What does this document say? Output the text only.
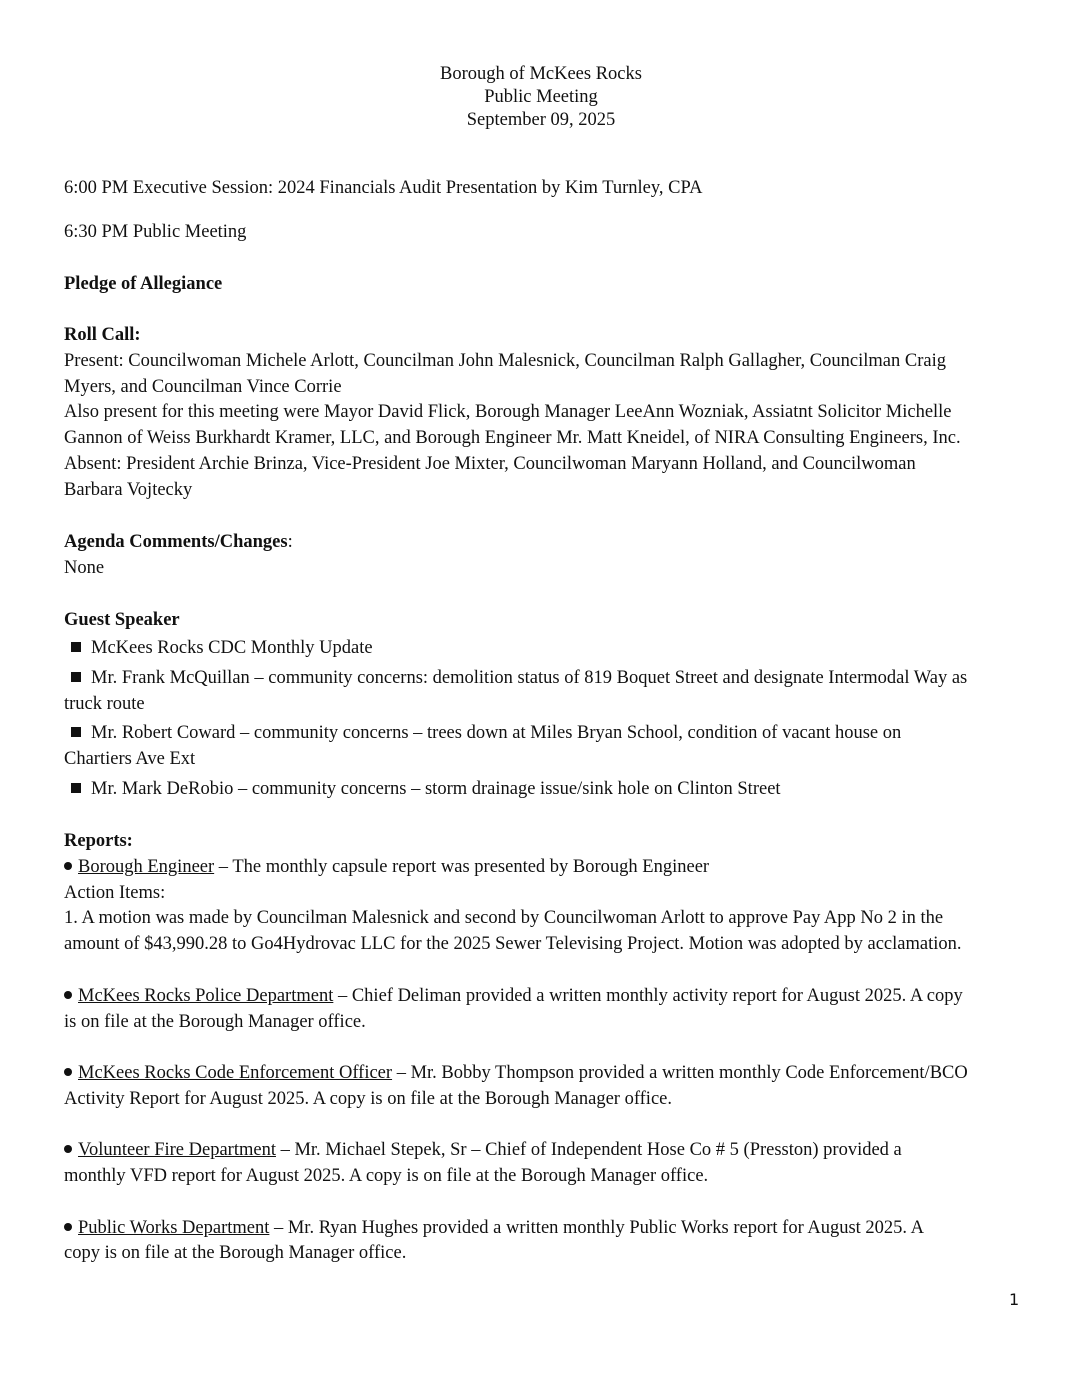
Borough of McKees Rocks
Public Meeting
September 09, 2025
6:00 PM Executive Session: 2024 Financials Audit Presentation by Kim Turnley, CPA
6:30 PM Public Meeting
Pledge of Allegiance
Roll Call:
Present: Councilwoman Michele Arlott, Councilman John Malesnick, Councilman Ralph Gallagher, Councilman Craig
Myers, and Councilman Vince Corrie
Also present for this meeting were Mayor David Flick, Borough Manager LeeAnn Wozniak, Assiatnt Solicitor Michelle
Gannon of Weiss Burkhardt Kramer, LLC, and Borough Engineer Mr. Matt Kneidel, of NIRA Consulting Engineers, Inc.
Absent: President Archie Brinza, Vice-President Joe Mixter, Councilwoman Maryann Holland, and Councilwoman
Barbara Vojtecky
Agenda Comments/Changes:
None
Guest Speaker
McKees Rocks CDC Monthly Update
Mr. Frank McQuillan – community concerns: demolition status of 819 Boquet Street and designate Intermodal Way as
truck route
Mr. Robert Coward – community concerns – trees down at Miles Bryan School, condition of vacant house on
Chartiers Ave Ext
Mr. Mark DeRobio – community concerns – storm drainage issue/sink hole on Clinton Street
Reports:
Borough Engineer – The monthly capsule report was presented by Borough Engineer
Action Items:
1. A motion was made by Councilman Malesnick and second by Councilwoman Arlott to approve Pay App No 2 in the
amount of $43,990.28 to Go4Hydrovac LLC for the 2025 Sewer Televising Project. Motion was adopted by acclamation.
McKees Rocks Police Department – Chief Deliman provided a written monthly activity report for August 2025. A copy
is on file at the Borough Manager office.
McKees Rocks Code Enforcement Officer – Mr. Bobby Thompson provided a written monthly Code Enforcement/BCO
Activity Report for August 2025. A copy is on file at the Borough Manager office.
Volunteer Fire Department – Mr. Michael Stepek, Sr – Chief of Independent Hose Co # 5 (Presston) provided a
monthly VFD report for August 2025. A copy is on file at the Borough Manager office.
Public Works Department – Mr. Ryan Hughes provided a written monthly Public Works report for August 2025. A
copy is on file at the Borough Manager office.
1
